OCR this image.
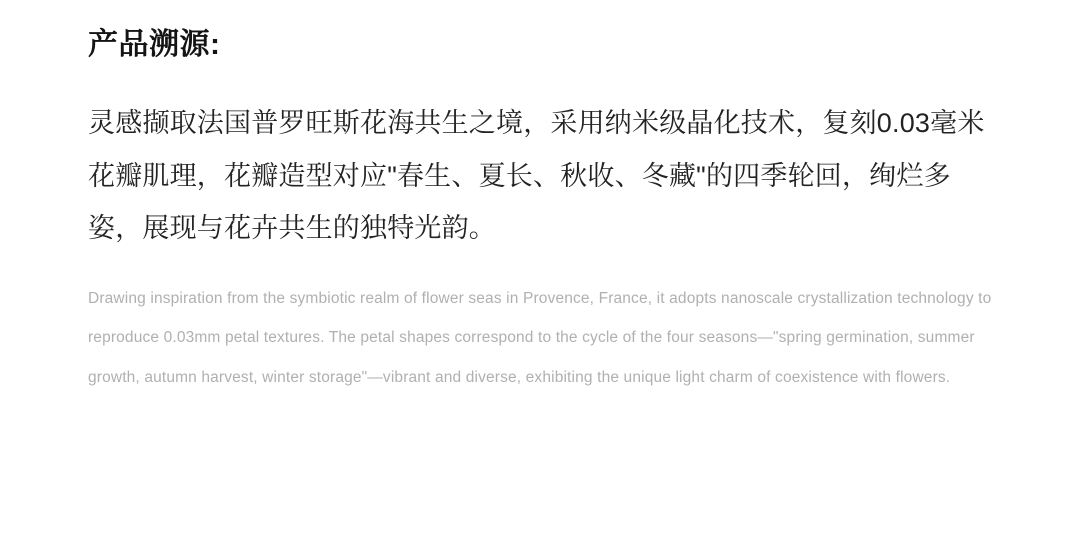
产品溯源:

灵感撷取法国普罗旺斯花海共生之境，采用纳米级晶化技术，复刻0.03毫米花瓣肌理，花瓣造型对应"春生、夏长、秋收、冬藏"的四季轮回，绚烂多姿，展现与花卉共生的独特光韵。

Drawing inspiration from the symbiotic realm of flower seas in Provence, France, it adopts nanoscale crystallization technology to reproduce 0.03mm petal textures. The petal shapes correspond to the cycle of the four seasons—"spring germination, summer growth, autumn harvest, winter storage"—vibrant and diverse, exhibiting the unique light charm of coexistence with flowers.
